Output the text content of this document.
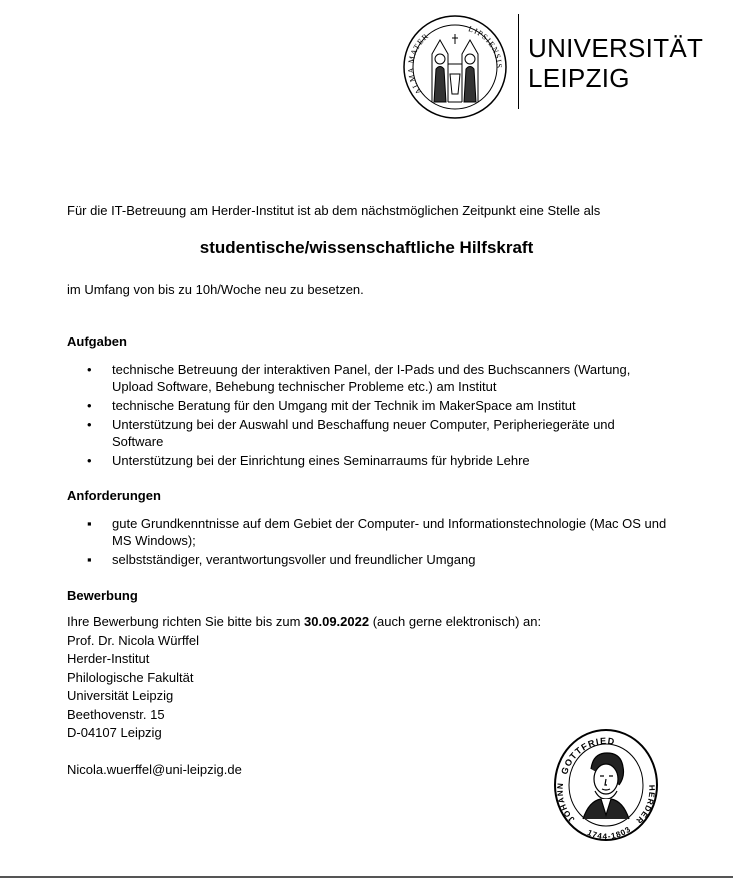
ALMA MATER
LIPSIENSIS
UNIVERSITÄT
LEIPZIG
Für die IT-Betreuung am Herder-Institut ist ab dem nächstmöglichen Zeitpunkt eine Stelle als
studentische/wissenschaftliche Hilfskraft
im Umfang von bis zu 10h/Woche neu zu besetzen.
Aufgaben
• technische Betreuung der interaktiven Panel, der I-Pads und des Buchscanners (Wartung, Upload Software, Behebung technischer Probleme etc.) am Institut
• technische Beratung für den Umgang mit der Technik im MakerSpace am Institut
• Unterstützung bei der Auswahl und Beschaffung neuer Computer, Peripheriegeräte und Software
• Unterstützung bei der Einrichtung eines Seminarraums für hybride Lehre
Anforderungen
▪ gute Grundkenntnisse auf dem Gebiet der Computer- und Informationstechnologie (Mac OS und MS Windows);
▪ selbstständiger, verantwortungsvoller und freundlicher Umgang
Bewerbung
Ihre Bewerbung richten Sie bitte bis zum 30.09.2022 (auch gerne elektronisch) an:
Prof. Dr. Nicola Würffel
Herder-Institut
Philologische Fakultät
Universität Leipzig
Beethovenstr. 15
D-04107 Leipzig
Nicola.wuerffel@uni-leipzig.de	GOTTFRIED
JOHANN	HERDER
1744-1803
